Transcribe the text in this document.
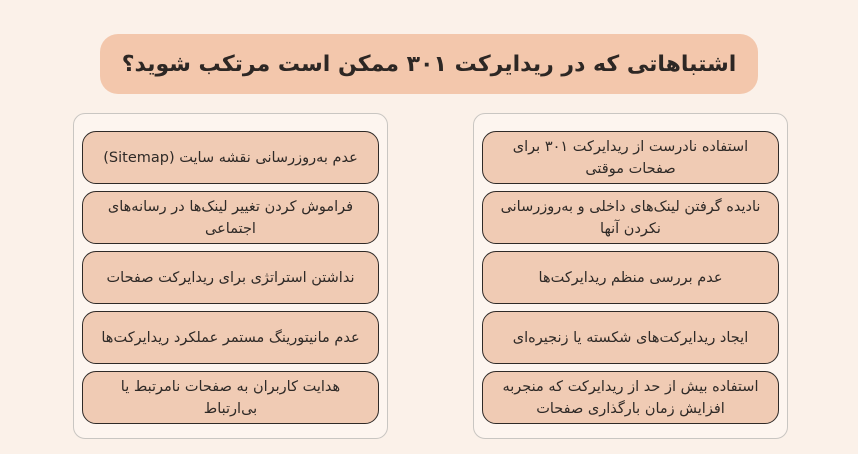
اشتباهاتی که در ریدایرکت ۳۰۱ ممکن است مرتکب شوید؟
استفاده نادرست از ریدایرکت ۳۰۱ برای صفحات موقتی
نادیده گرفتن لینک‌های داخلی و به‌روزرسانی نکردن آنها
عدم بررسی منظم ریدایرکت‌ها
ایجاد ریدایرکت‌های شکسته یا زنجیره‌ای
استفاده بیش از حد از ریدایرکت که منجربه افزایش زمان بارگذاری صفحات
عدم به‌روزرسانی نقشه سایت (Sitemap)
فراموش کردن تغییر لینک‌ها در رسانه‌های اجتماعی
نداشتن استراتژی برای ریدایرکت صفحات
عدم مانیتورینگ مستمر عملکرد ریدایرکت‌ها
هدایت کاربران به صفحات نامرتبط یا بی‌ارتباط
